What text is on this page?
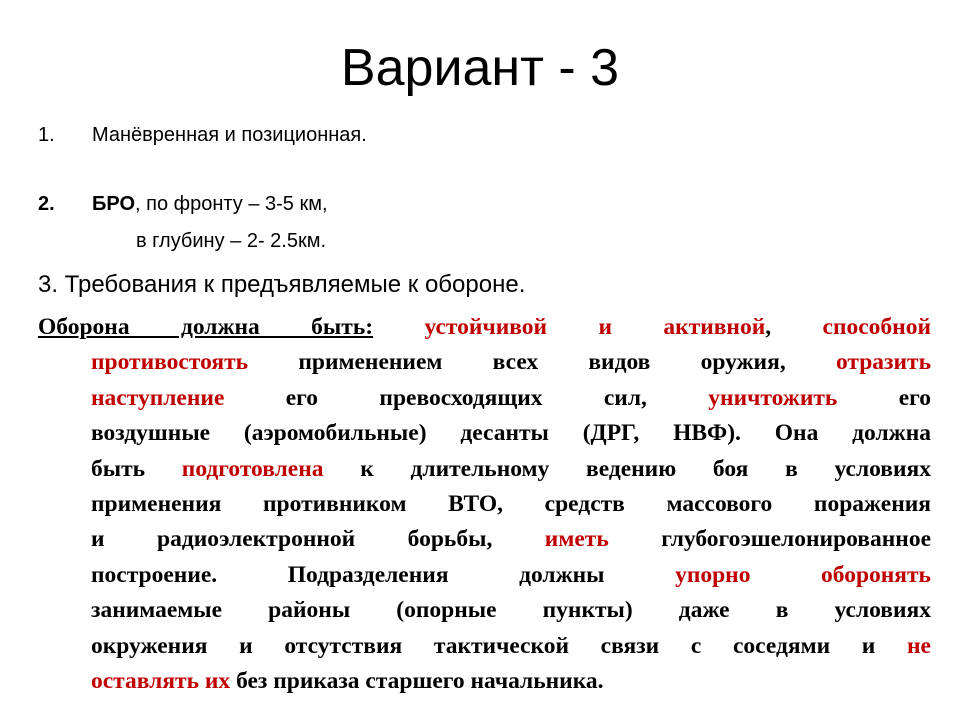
Вариант - 3
1. Манёвренная и позиционная.
2. БРО, по фронту – 3-5 км,
в глубину – 2- 2.5км.
3. Требования к предъявляемые к обороне.
Оборона должна быть: устойчивой и активной, способной
противостоять применением всех видов оружия, отразить
наступление его превосходящих сил, уничтожить его
воздушные (аэромобильные) десанты (ДРГ, НВФ). Она должна
быть подготовлена к длительному ведению боя в условиях
применения противником ВТО, средств массового поражения
и радиоэлектронной борьбы, иметь глубогоэшелонированное
построение. Подразделения должны упорно оборонять
занимаемые районы (опорные пункты) даже в условиях
окружения и отсутствия тактической связи с соседями и не
оставлять их без приказа старшего начальника.
